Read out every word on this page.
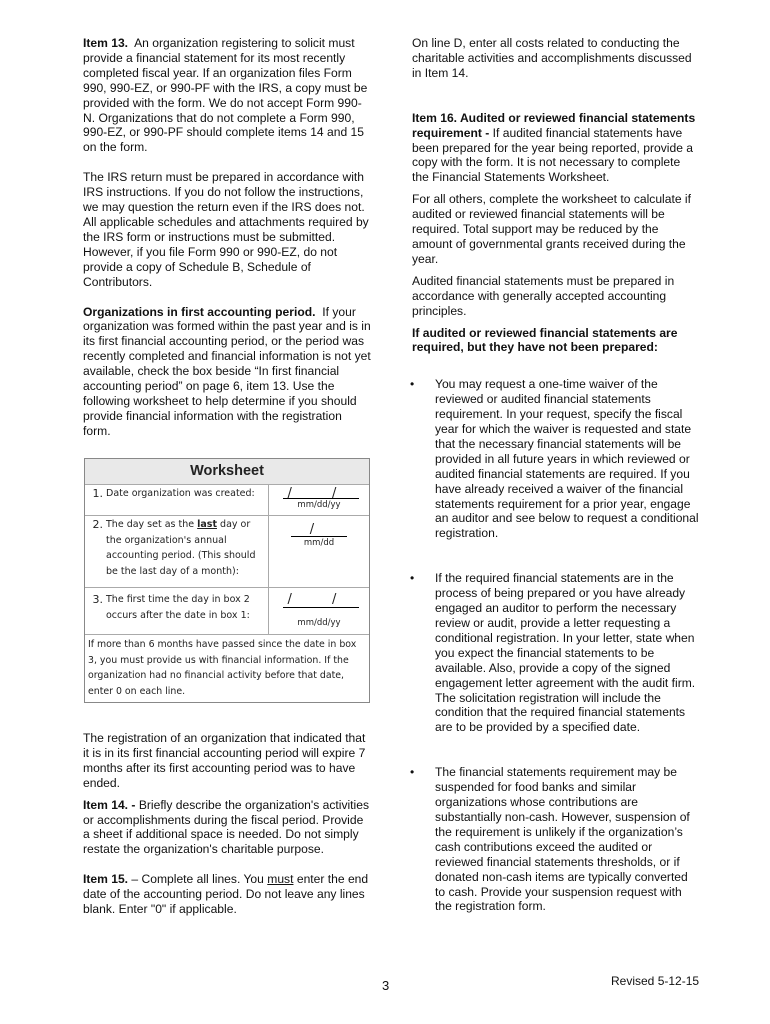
Item 13. An organization registering to solicit must provide a financial statement for its most recently completed fiscal year. If an organization files Form 990, 990-EZ, or 990-PF with the IRS, a copy must be provided with the form. We do not accept Form 990-N. Organizations that do not complete a Form 990, 990-EZ, or 990-PF should complete items 14 and 15 on the form.

The IRS return must be prepared in accordance with IRS instructions. If you do not follow the instructions, we may question the return even if the IRS does not. All applicable schedules and attachments required by the IRS form or instructions must be submitted. However, if you file Form 990 or 990-EZ, do not provide a copy of Schedule B, Schedule of Contributors.

Organizations in first accounting period. If your organization was formed within the past year and is in its first financial accounting period, or the period was recently completed and financial information is not yet available, check the box beside “In first financial accounting period” on page 6, item 13. Use the following worksheet to help determine if you should provide financial information with the registration form.

Worksheet
1. Date organization was created:	/ /
mm/dd/yy
2. The day set as the last day or the organization's annual accounting period. (This should be the last day of a month):
/
mm/dd
3. The first time the day in box 2 occurs after the date in box 1:
/ /
mm/dd/yy
If more than 6 months have passed since the date in box 3, you must provide us with financial information. If the organization had no financial activity before that date, enter 0 on each line.

The registration of an organization that indicated that it is in its first financial accounting period will expire 7 months after its first accounting period was to have ended.

Item 14. - Briefly describe the organization's activities or accomplishments during the fiscal period. Provide a sheet if additional space is needed. Do not simply restate the organization's charitable purpose.

Item 15. – Complete all lines. You must enter the end date of the accounting period. Do not leave any lines blank. Enter "0" if applicable.

On line D, enter all costs related to conducting the charitable activities and accomplishments discussed in Item 14.

Item 16. Audited or reviewed financial statements requirement - If audited financial statements have been prepared for the year being reported, provide a copy with the form. It is not necessary to complete the Financial Statements Worksheet.

For all others, complete the worksheet to calculate if audited or reviewed financial statements will be required. Total support may be reduced by the amount of governmental grants received during the year.

Audited financial statements must be prepared in accordance with generally accepted accounting principles.

If audited or reviewed financial statements are required, but they have not been prepared:

• You may request a one-time waiver of the reviewed or audited financial statements requirement. In your request, specify the fiscal year for which the waiver is requested and state that the necessary financial statements will be provided in all future years in which reviewed or audited financial statements are required. If you have already received a waiver of the financial statements requirement for a prior year, engage an auditor and see below to request a conditional registration.
• If the required financial statements are in the process of being prepared or you have already engaged an auditor to perform the necessary review or audit, provide a letter requesting a conditional registration. In your letter, state when you expect the financial statements to be available. Also, provide a copy of the signed engagement letter agreement with the audit firm. The solicitation registration will include the condition that the required financial statements are to be provided by a specified date.
• The financial statements requirement may be suspended for food banks and similar organizations whose contributions are substantially non-cash. However, suspension of the requirement is unlikely if the organization’s cash contributions exceed the audited or reviewed financial statements thresholds, or if donated non-cash items are typically converted to cash. Provide your suspension request with the registration form.
3	Revised 5-12-15
